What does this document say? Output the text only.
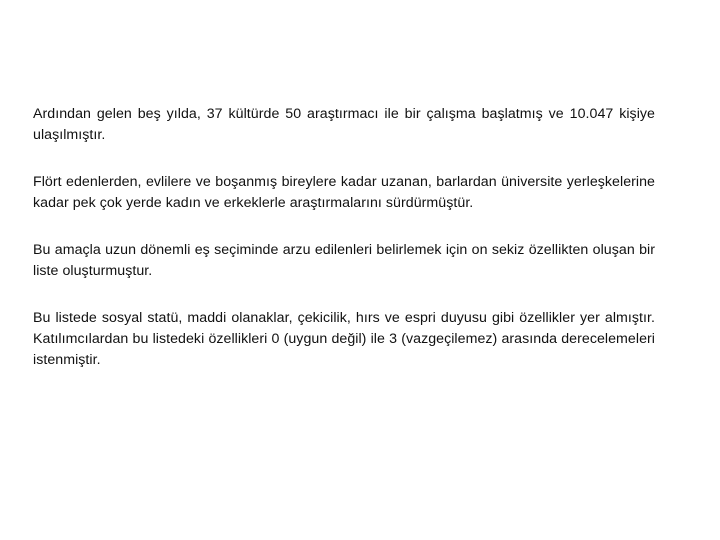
Ardından gelen beş yılda, 37 kültürde 50 araştırmacı ile bir çalışma başlatmış ve 10.047 kişiye ulaşılmıştır.

Flört edenlerden, evlilere ve boşanmış bireylere kadar uzanan, barlardan üniversite yerleşkelerine kadar pek çok yerde kadın ve erkeklerle araştırmalarını sürdürmüştür.

Bu amaçla uzun dönemli eş seçiminde arzu edilenleri belirlemek için on sekiz özellikten oluşan bir liste oluşturmuştur.

Bu listede sosyal statü, maddi olanaklar, çekicilik, hırs ve espri duyusu gibi özellikler yer almıştır. Katılımcılardan bu listedeki özellikleri 0 (uygun değil) ile 3 (vazgeçilemez) arasında derecelemeleri istenmiştir.
